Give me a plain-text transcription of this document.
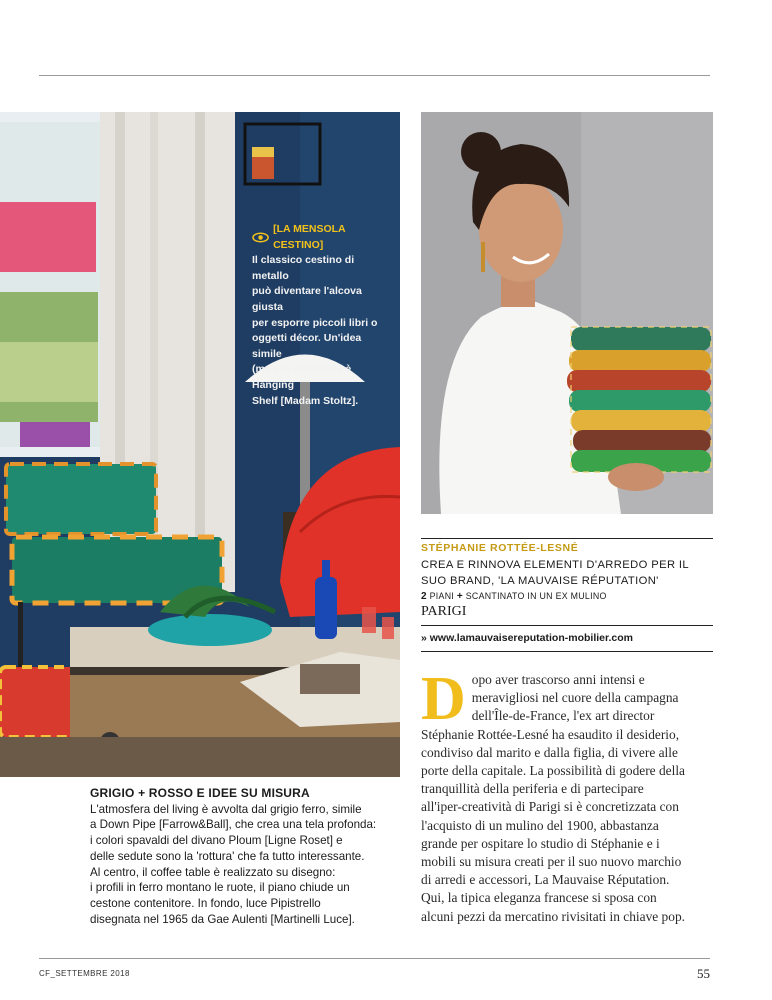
[LA MENSOLA CESTINO]
Il classico cestino di metallo
può diventare l'alcova giusta
per esporre piccoli libri o
oggetti décor. Un'idea simile
(ma più articolata) è Hanging
Shelf [Madam Stoltz].
GRIGIO + ROSSO E IDEE SU MISURA
L'atmosfera del living è avvolta dal grigio ferro, simile
a Down Pipe [Farrow&Ball], che crea una tela profonda:
i colori spavaldi del divano Ploum [Ligne Roset] e
delle sedute sono la 'rottura' che fa tutto interessante.
Al centro, il coffee table è realizzato su disegno:
i profili in ferro montano le ruote, il piano chiude un
cestone contenitore. In fondo, luce Pipistrello
disegnata nel 1965 da Gae Aulenti [Martinelli Luce].
STÉPHANIE ROTTÉE-LESNÉ
CREA E RINNOVA ELEMENTI D'ARREDO PER IL
SUO BRAND, 'LA MAUVAISE RÉPUTATION'
2 PIANI + SCANTINATO IN UN EX MULINO
PARIGI
» www.lamauvaisereputation-mobilier.com
D opo aver trascorso anni intensi e
meravigliosi nel cuore della campagna
dell'Île-de-France, l'ex art director
Stéphanie Rottée-Lesné ha esaudito il desiderio,
condiviso dal marito e dalla figlia, di vivere alle
porte della capitale. La possibilità di godere della
tranquillità della periferia e di partecipare
all'iper-creatività di Parigi si è concretizzata con
l'acquisto di un mulino del 1900, abbastanza
grande per ospitare lo studio di Stéphanie e i
mobili su misura creati per il suo nuovo marchio
di arredi e accessori, La Mauvaise Réputation.
Qui, la tipica eleganza francese si sposa con
alcuni pezzi da mercatino rivisitati in chiave pop.
CF_SETTEMBRE 2018	55
